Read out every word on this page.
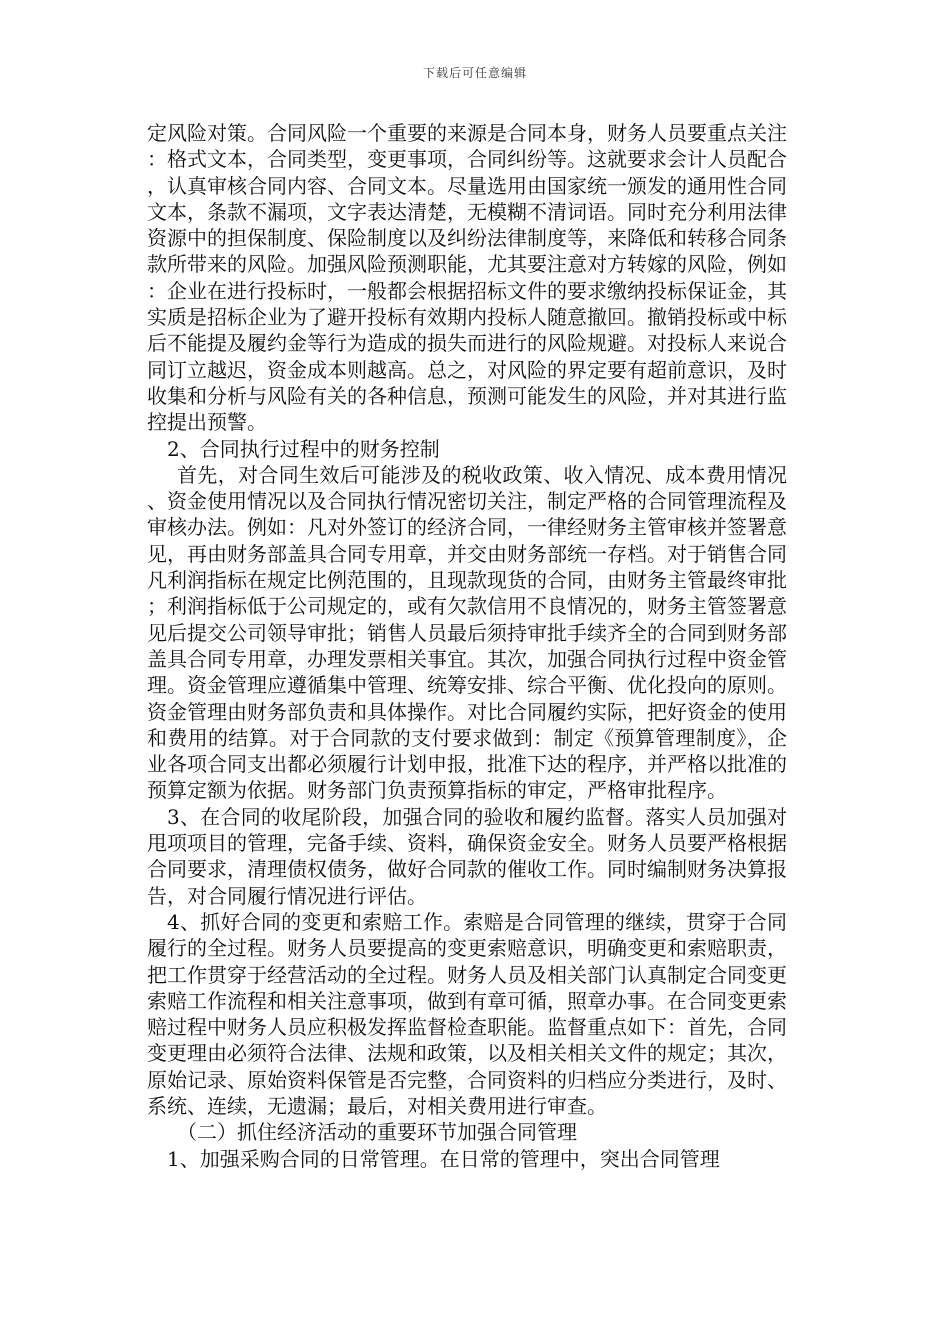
下载后可任意编辑

定风险对策。合同风险一个重要的来源是合同本身，财务人员要重点关注：格式文本，合同类型，变更事项，合同纠纷等。这就要求会计人员配合，认真审核合同内容、合同文本。尽量选用由国家统一颁发的通用性合同文本，条款不漏项，文字表达清楚，无模糊不清词语。同时充分利用法律资源中的担保制度、保险制度以及纠纷法律制度等，来降低和转移合同条款所带来的风险。加强风险预测职能，尤其要注意对方转嫁的风险，例如：企业在进行投标时，一般都会根据招标文件的要求缴纳投标保证金，其实质是招标企业为了避开投标有效期内投标人随意撤回。撤销投标或中标后不能提及履约金等行为造成的损失而进行的风险规避。对投标人来说合同订立越迟，资金成本则越高。总之，对风险的界定要有超前意识，及时收集和分析与风险有关的各种信息，预测可能发生的风险，并对其进行监控提出预警。

2、合同执行过程中的财务控制

首先，对合同生效后可能涉及的税收政策、收入情况、成本费用情况、资金使用情况以及合同执行情况密切关注，制定严格的合同管理流程及审核办法。例如：凡对外签订的经济合同，一律经财务主管审核并签署意见，再由财务部盖具合同专用章，并交由财务部统一存档。对于销售合同凡利润指标在规定比例范围的，且现款现货的合同，由财务主管最终审批；利润指标低于公司规定的，或有欠款信用不良情况的，财务主管签署意见后提交公司领导审批；销售人员最后须持审批手续齐全的合同到财务部盖具合同专用章，办理发票相关事宜。其次，加强合同执行过程中资金管理。资金管理应遵循集中管理、统筹安排、综合平衡、优化投向的原则。资金管理由财务部负责和具体操作。对比合同履约实际，把好资金的使用和费用的结算。对于合同款的支付要求做到：制定《预算管理制度》，企业各项合同支出都必须履行计划申报，批准下达的程序，并严格以批准的预算定额为依据。财务部门负责预算指标的审定，严格审批程序。

3、在合同的收尾阶段，加强合同的验收和履约监督。落实人员加强对甩项项目的管理，完备手续、资料，确保资金安全。财务人员要严格根据合同要求，清理债权债务，做好合同款的催收工作。同时编制财务决算报告，对合同履行情况进行评估。

4、抓好合同的变更和索赔工作。索赔是合同管理的继续，贯穿于合同履行的全过程。财务人员要提高的变更索赔意识，明确变更和索赔职责，把工作贯穿于经营活动的全过程。财务人员及相关部门认真制定合同变更索赔工作流程和相关注意事项，做到有章可循，照章办事。在合同变更索赔过程中财务人员应积极发挥监督检查职能。监督重点如下：首先，合同变更理由必须符合法律、法规和政策，以及相关相关文件的规定；其次，原始记录、原始资料保管是否完整，合同资料的归档应分类进行，及时、系统、连续，无遗漏；最后，对相关费用进行审查。

（二）抓住经济活动的重要环节加强合同管理

1、加强采购合同的日常管理。在日常的管理中，突出合同管理
